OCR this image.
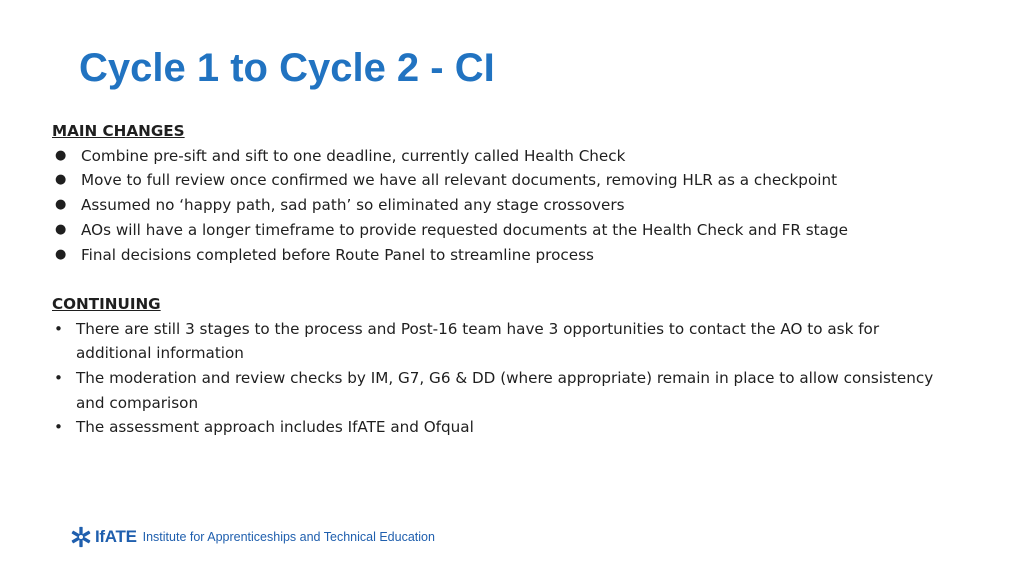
Cycle 1 to Cycle 2 - CI

MAIN CHANGES

● Combine pre-sift and sift to one deadline, currently called Health Check
● Move to full review once confirmed we have all relevant documents, removing HLR as a checkpoint
● Assumed no ‘happy path, sad path’ so eliminated any stage crossovers
● AOs will have a longer timeframe to provide requested documents at the Health Check and FR stage
● Final decisions completed before Route Panel to streamline process

CONTINUING

• There are still 3 stages to the process and Post-16 team have 3 opportunities to contact the AO to ask for additional information
• The moderation and review checks by IM, G7, G6 & DD (where appropriate) remain in place to allow consistency and comparison
• The assessment approach includes IfATE and Ofqual
IfATE Institute for Apprenticeships and Technical Education
